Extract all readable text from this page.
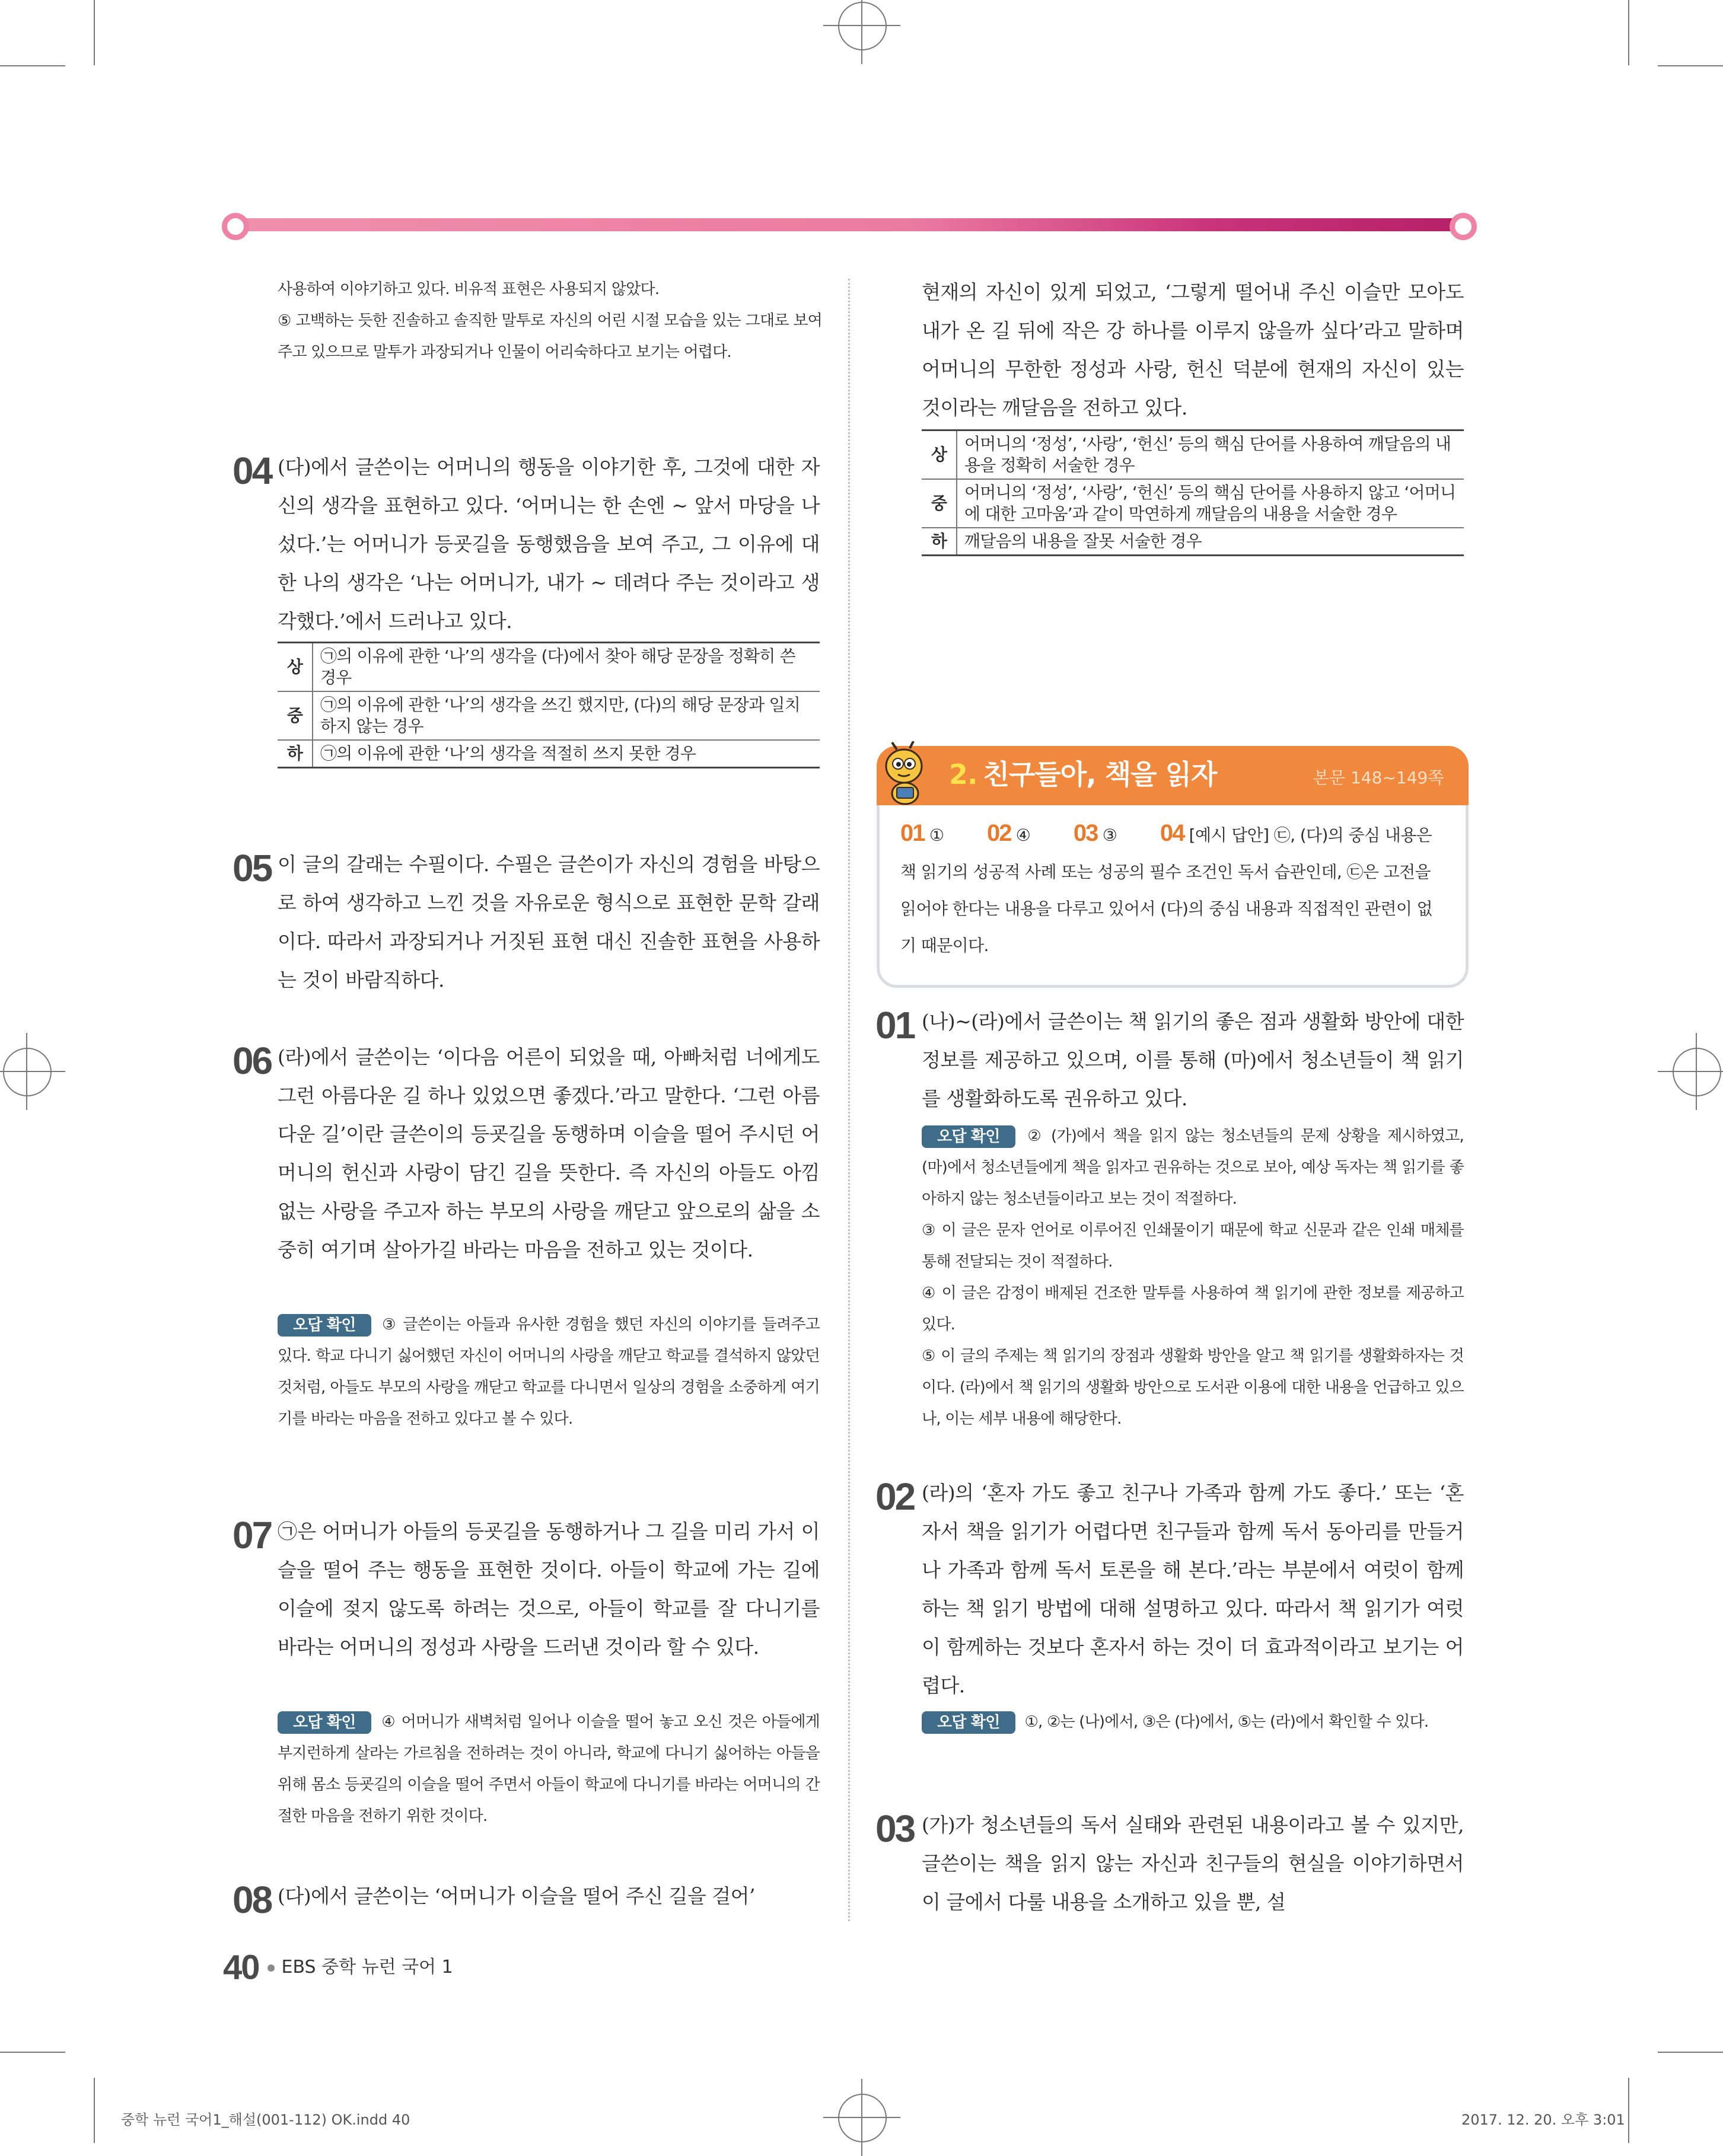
사용하여 이야기하고 있다. 비유적 표현은 사용되지 않았다.
⑤ 고백하는 듯한 진솔하고 솔직한 말투로 자신의 어린 시절 모습을 있는 그대로 보여 주고 있으므로 말투가 과장되거나 인물이 어리숙하다고 보기는 어렵다.
04 (다)에서 글쓴이는 어머니의 행동을 이야기한 후, 그것에 대한 자신의 생각을 표현하고 있다. ‘어머니는 한 손엔 ~ 앞서 마당을 나섰다.’는 어머니가 등굣길을 동행했음을 보여 주고, 그 이유에 대한 나의 생각은 ‘나는 어머니가, 내가 ~ 데려다 주는 것이라고 생각했다.’에서 드러나고 있다.
상	㉠의 이유에 관한 ‘나’의 생각을 (다)에서 찾아 해당 문장을 정확히 쓴 경우
중	㉠의 이유에 관한 ‘나’의 생각을 쓰긴 했지만, (다)의 해당 문장과 일치하지 않는 경우
하	㉠의 이유에 관한 ‘나’의 생각을 적절히 쓰지 못한 경우
05 이 글의 갈래는 수필이다. 수필은 글쓴이가 자신의 경험을 바탕으로 하여 생각하고 느낀 것을 자유로운 형식으로 표현한 문학 갈래이다. 따라서 과장되거나 거짓된 표현 대신 진솔한 표현을 사용하는 것이 바람직하다.
06 (라)에서 글쓴이는 ‘이다음 어른이 되었을 때, 아빠처럼 너에게도 그런 아름다운 길 하나 있었으면 좋겠다.’라고 말한다. ‘그런 아름다운 길’이란 글쓴이의 등굣길을 동행하며 이슬을 떨어 주시던 어머니의 헌신과 사랑이 담긴 길을 뜻한다. 즉 자신의 아들도 아낌없는 사랑을 주고자 하는 부모의 사랑을 깨닫고 앞으로의 삶을 소중히 여기며 살아가길 바라는 마음을 전하고 있는 것이다.
오답 확인 ③ 글쓴이는 아들과 유사한 경험을 했던 자신의 이야기를 들려주고 있다. 학교 다니기 싫어했던 자신이 어머니의 사랑을 깨닫고 학교를 결석하지 않았던 것처럼, 아들도 부모의 사랑을 깨닫고 학교를 다니면서 일상의 경험을 소중하게 여기기를 바라는 마음을 전하고 있다고 볼 수 있다.
07 ㉠은 어머니가 아들의 등굣길을 동행하거나 그 길을 미리 가서 이슬을 떨어 주는 행동을 표현한 것이다. 아들이 학교에 가는 길에 이슬에 젖지 않도록 하려는 것으로, 아들이 학교를 잘 다니기를 바라는 어머니의 정성과 사랑을 드러낸 것이라 할 수 있다.
오답 확인 ④ 어머니가 새벽처럼 일어나 이슬을 떨어 놓고 오신 것은 아들에게 부지런하게 살라는 가르침을 전하려는 것이 아니라, 학교에 다니기 싫어하는 아들을 위해 몸소 등굣길의 이슬을 떨어 주면서 아들이 학교에 다니기를 바라는 어머니의 간절한 마음을 전하기 위한 것이다.
08 (다)에서 글쓴이는 ‘어머니가 이슬을 떨어 주신 길을 걸어’
현재의 자신이 있게 되었고, ‘그렇게 떨어내 주신 이슬만 모아도 내가 온 길 뒤에 작은 강 하나를 이루지 않을까 싶다’라고 말하며 어머니의 무한한 정성과 사랑, 헌신 덕분에 현재의 자신이 있는 것이라는 깨달음을 전하고 있다.
상	어머니의 ‘정성’, ‘사랑’, ‘헌신’ 등의 핵심 단어를 사용하여 깨달음의 내용을 정확히 서술한 경우
중	어머니의 ‘정성’, ‘사랑’, ‘헌신’ 등의 핵심 단어를 사용하지 않고 ‘어머니에 대한 고마움’과 같이 막연하게 깨달음의 내용을 서술한 경우
하	깨달음의 내용을 잘못 서술한 경우
2. 친구들아, 책을 읽자	본문 148~149쪽
01 ① 02 ④ 03 ③ 04 [예시 답안] ㉢, (다)의 중심 내용은 책 읽기의 성공적 사례 또는 성공의 필수 조건인 독서 습관인데, ㉢은 고전을 읽어야 한다는 내용을 다루고 있어서 (다)의 중심 내용과 직접적인 관련이 없기 때문이다.
01 (나)~(라)에서 글쓴이는 책 읽기의 좋은 점과 생활화 방안에 대한 정보를 제공하고 있으며, 이를 통해 (마)에서 청소년들이 책 읽기를 생활화하도록 권유하고 있다.
오답 확인 ② (가)에서 책을 읽지 않는 청소년들의 문제 상황을 제시하였고, (마)에서 청소년들에게 책을 읽자고 권유하는 것으로 보아, 예상 독자는 책 읽기를 좋아하지 않는 청소년들이라고 보는 것이 적절하다.
③ 이 글은 문자 언어로 이루어진 인쇄물이기 때문에 학교 신문과 같은 인쇄 매체를 통해 전달되는 것이 적절하다.
④ 이 글은 감정이 배제된 건조한 말투를 사용하여 책 읽기에 관한 정보를 제공하고 있다.
⑤ 이 글의 주제는 책 읽기의 장점과 생활화 방안을 알고 책 읽기를 생활화하자는 것이다. (라)에서 책 읽기의 생활화 방안으로 도서관 이용에 대한 내용을 언급하고 있으나, 이는 세부 내용에 해당한다.
02 (라)의 ‘혼자 가도 좋고 친구나 가족과 함께 가도 좋다.’ 또는 ‘혼자서 책을 읽기가 어렵다면 친구들과 함께 독서 동아리를 만들거나 가족과 함께 독서 토론을 해 본다.’라는 부분에서 여럿이 함께 하는 책 읽기 방법에 대해 설명하고 있다. 따라서 책 읽기가 여럿이 함께하는 것보다 혼자서 하는 것이 더 효과적이라고 보기는 어렵다.
오답 확인 ①, ②는 (나)에서, ③은 (다)에서, ⑤는 (라)에서 확인할 수 있다.
03 (가)가 청소년들의 독서 실태와 관련된 내용이라고 볼 수 있지만, 글쓴이는 책을 읽지 않는 자신과 친구들의 현실을 이야기하면서 이 글에서 다룰 내용을 소개하고 있을 뿐, 설
40 EBS 중학 뉴런 국어 1
중학 뉴런 국어1_해설(001-112) OK.indd 40	2017. 12. 20. 오후 3:01
